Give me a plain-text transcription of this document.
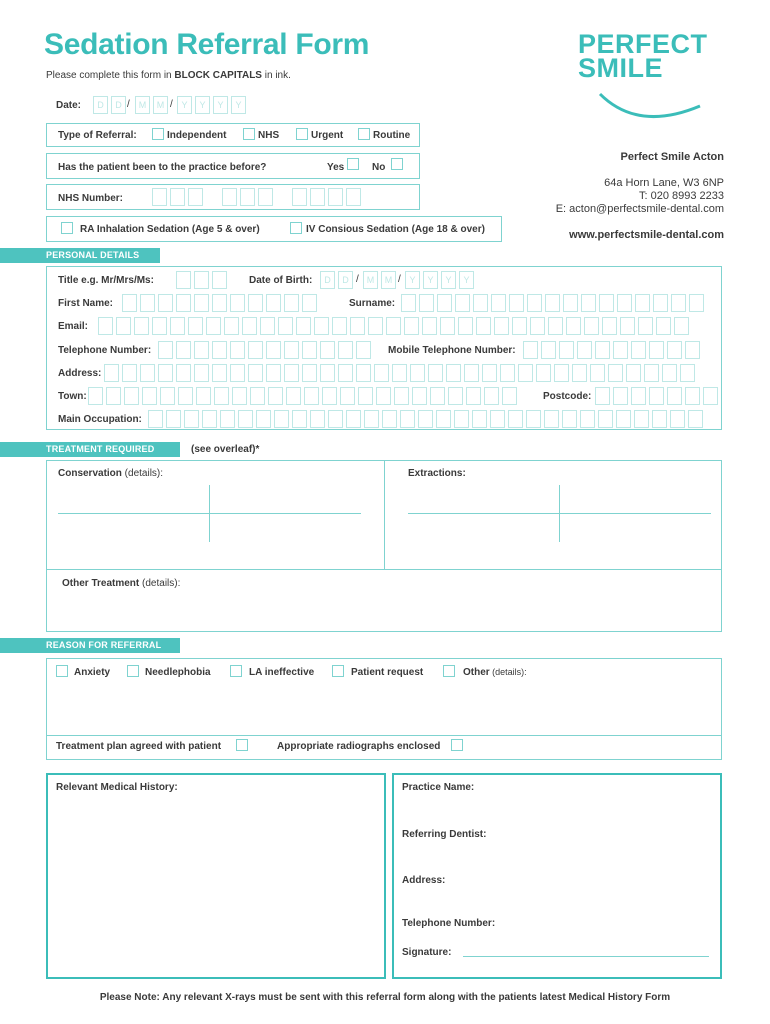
Sedation Referral Form
Please complete this form in BLOCK CAPITALS in ink.
PERFECT
SMILE
Date:	D	D / M	M / Y	Y	Y	Y
Type of Referral:	Independent	NHS	Urgent	Routine
Has the patient been to the practice before?	Yes	No
NHS Number:
RA Inhalation Sedation (Age 5 & over)	IV Consious Sedation (Age 18 & over)
Perfect Smile Acton
64a Horn Lane, W3 6NP
T: 020 8993 2233
E: acton@perfectsmile-dental.com
www.perfectsmile-dental.com
PERSONAL DETAILS
Title e.g. Mr/Mrs/Ms:	Date of Birth:	D	D / M	M / Y	Y	Y	Y
First Name:	Surname:
Email:
Telephone Number:	Mobile Telephone Number:
Address:
Town:	Postcode:
Main Occupation:
TREATMENT REQUIRED	(see overleaf)*
Conservation (details):	Extractions:
Other Treatment (details):
REASON FOR REFERRAL
Anxiety	Needlephobia	LA ineffective	Patient request	Other (details):
Treatment plan agreed with patient	Appropriate radiographs enclosed
Relevant Medical History:	Practice Name:
Referring Dentist:
Address:
Telephone Number:
Signature:
Please Note: Any relevant X-rays must be sent with this referral form along with the patients latest Medical History Form
